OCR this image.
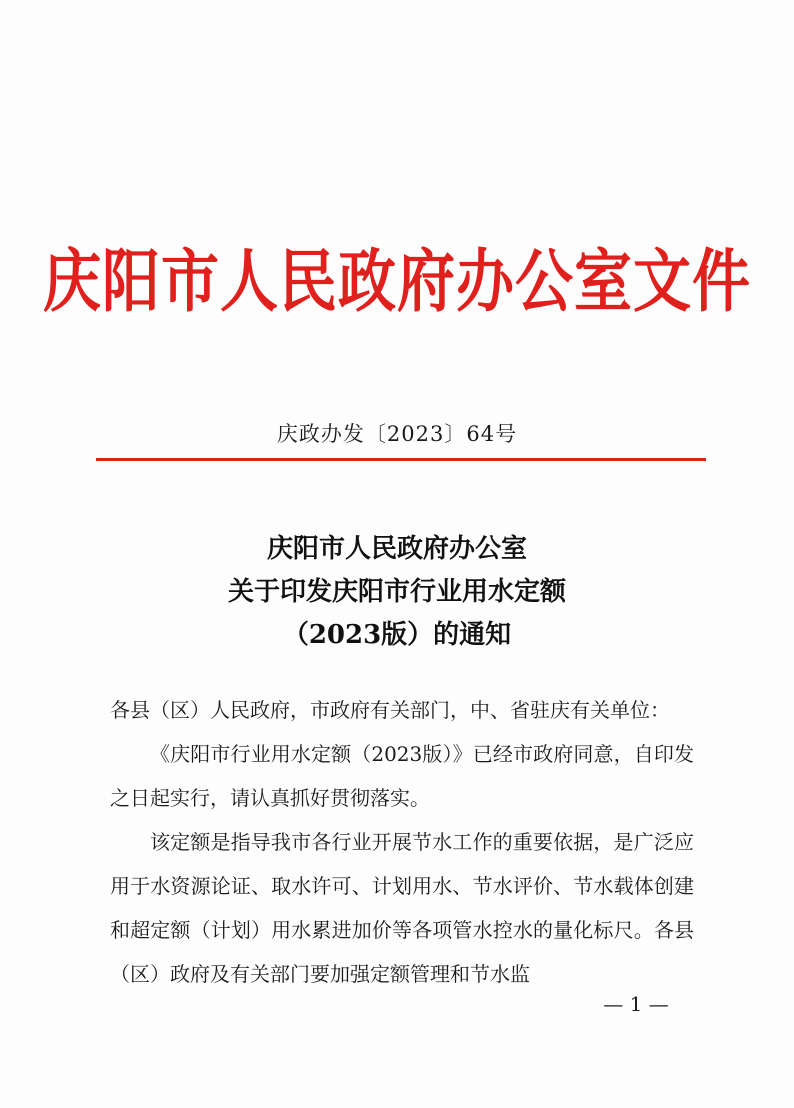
庆阳市人民政府办公室文件
庆政办发〔2023〕64号
庆阳市人民政府办公室
关于印发庆阳市行业用水定额
（2023版）的通知

各县（区）人民政府，市政府有关部门，中、省驻庆有关单位：

《庆阳市行业用水定额（2023版）》已经市政府同意，自印发之日起实行，请认真抓好贯彻落实。

该定额是指导我市各行业开展节水工作的重要依据，是广泛应用于水资源论证、取水许可、计划用水、节水评价、节水载体创建和超定额（计划）用水累进加价等各项管水控水的量化标尺。各县（区）政府及有关部门要加强定额管理和节水监

— 1 —
